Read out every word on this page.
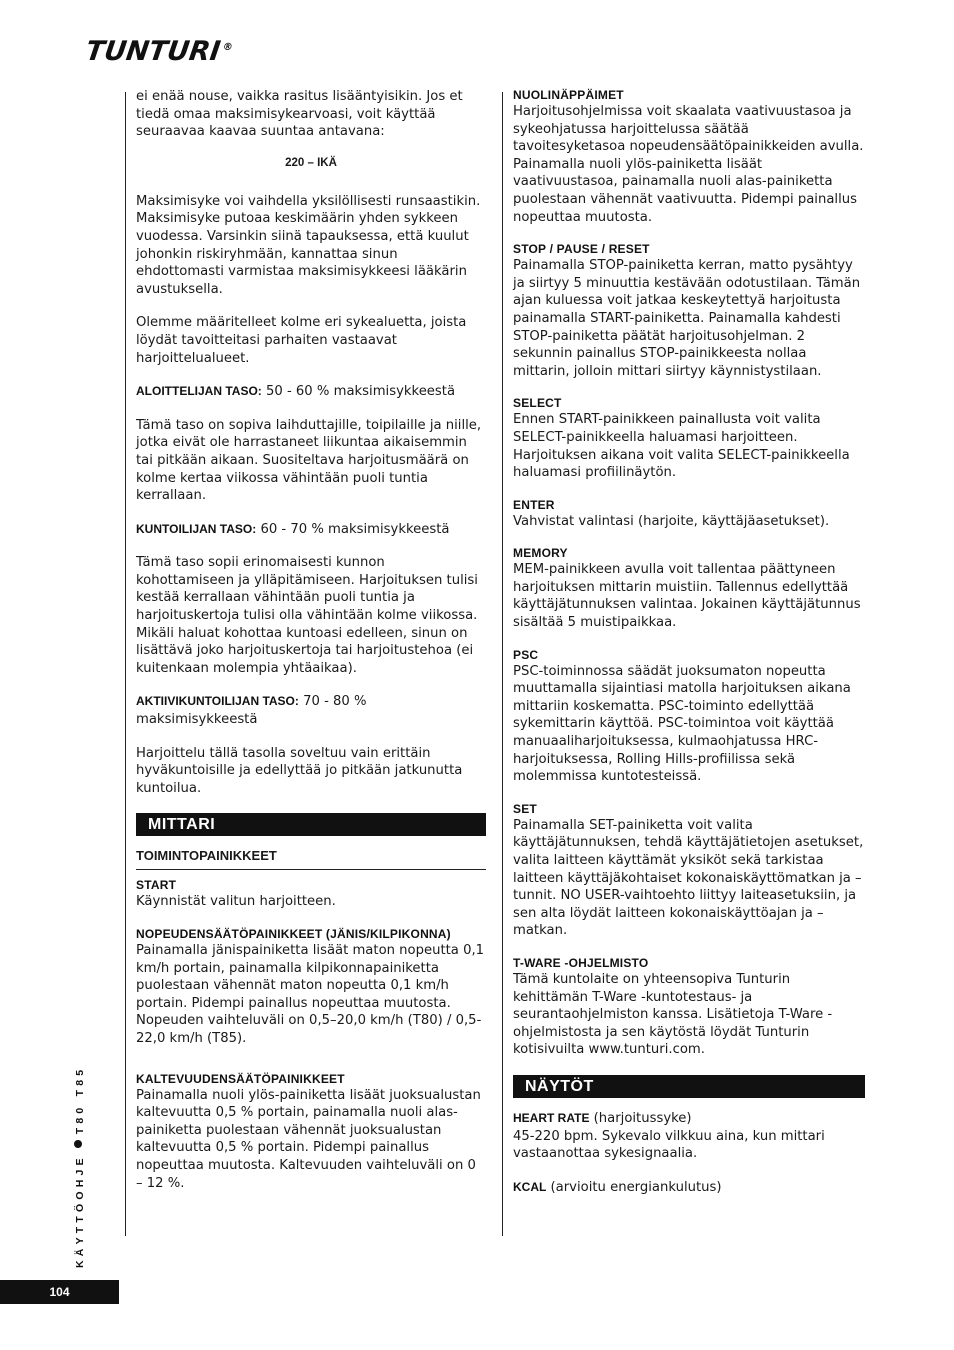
TUNTURI®

ei enää nouse, vaikka rasitus lisääntyisikin. Jos et tiedä omaa maksimisykearvoasi, voit käyttää seuraavaa kaavaa suuntaa antavana:

220 – IKÄ

Maksimisyke voi vaihdella yksilöllisesti runsaastikin. Maksimisyke putoaa keskimäärin yhden sykkeen vuodessa. Varsinkin siinä tapauksessa, että kuulut johonkin riskiryhmään, kannattaa sinun ehdottomasti varmistaa maksimisykkeesi lääkärin avustuksella.

Olemme määritelleet kolme eri sykealuetta, joista löydät tavoitteitasi parhaiten vastaavat harjoittelualueet.

ALOITTELIJAN TASO: 50 - 60 % maksimisykkeestä

Tämä taso on sopiva laihduttajille, toipilaille ja niille, jotka eivät ole harrastaneet liikuntaa aikaisemmin tai pitkään aikaan. Suositeltava harjoitusmäärä on kolme kertaa viikossa vähintään puoli tuntia kerrallaan.

KUNTOILIJAN TASO: 60 - 70 % maksimisykkeestä

Tämä taso sopii erinomaisesti kunnon kohottamiseen ja ylläpitämiseen. Harjoituksen tulisi kestää kerrallaan vähintään puoli tuntia ja harjoituskertoja tulisi olla vähintään kolme viikossa. Mikäli haluat kohottaa kuntoasi edelleen, sinun on lisättävä joko harjoituskertoja tai harjoitustehoa (ei kuitenkaan molempia yhtäaikaa).

AKTIIVIKUNTOILIJAN TASO: 70 - 80 % maksimisykkeestä

Harjoittelu tällä tasolla soveltuu vain erittäin hyväkuntoisille ja edellyttää jo pitkään jatkunutta kuntoilua.

MITTARI
TOIMINTOPAINIKKEET
START

Käynnistät valitun harjoitteen.

NOPEUDENSÄÄTÖPAINIKKEET (JÄNIS/KILPIKONNA)

Painamalla jänispainiketta lisäät maton nopeutta 0,1 km/h portain, painamalla kilpikonnapainiketta puolestaan vähennät maton nopeutta 0,1 km/h portain. Pidempi painallus nopeuttaa muutosta. Nopeuden vaihteluväli on 0,5–20,0 km/h (T80) / 0,5-22,0 km/h (T85).

KALTEVUUDENSÄÄTÖPAINIKKEET

Painamalla nuoli ylös-painiketta lisäät juoksualustan kaltevuutta 0,5 % portain, painamalla nuoli alas-painiketta puolestaan vähennät juoksualustan kaltevuutta 0,5 % portain. Pidempi painallus nopeuttaa muutosta. Kaltevuuden vaihteluväli on 0 – 12 %.

NUOLINÄPPÄIMET

Harjoitusohjelmissa voit skaalata vaativuustasoa ja sykeohjatussa harjoittelussa säätää tavoitesyketasoa nopeudensäätöpainikkeiden avulla. Painamalla nuoli ylös-painiketta lisäät vaativuustasoa, painamalla nuoli alas-painiketta puolestaan vähennät vaativuutta. Pidempi painallus nopeuttaa muutosta.

STOP / PAUSE / RESET

Painamalla STOP-painiketta kerran, matto pysähtyy ja siirtyy 5 minuuttia kestävään odotustilaan. Tämän ajan kuluessa voit jatkaa keskeytettyä harjoitusta painamalla START-painiketta. Painamalla kahdesti STOP-painiketta päätät harjoitusohjelman. 2 sekunnin painallus STOP-painikkeesta nollaa mittarin, jolloin mittari siirtyy käynnistystilaan.

SELECT

Ennen START-painikkeen painallusta voit valita SELECT-painikkeella haluamasi harjoitteen. Harjoituksen aikana voit valita SELECT-painikkeella haluamasi profiilinäytön.

ENTER

Vahvistat valintasi (harjoite, käyttäjäasetukset).

MEMORY

MEM-painikkeen avulla voit tallentaa päättyneen harjoituksen mittarin muistiin. Tallennus edellyttää käyttäjätunnuksen valintaa. Jokainen käyttäjätunnus sisältää 5 muistipaikkaa.

PSC

PSC-toiminnossa säädät juoksumaton nopeutta muuttamalla sijaintiasi matolla harjoituksen aikana mittariin koskematta. PSC-toiminto edellyttää sykemittarin käyttöä. PSC-toimintoa voit käyttää manuaaliharjoituksessa, kulmaohjatussa HRC-harjoituksessa, Rolling Hills-profiilissa sekä molemmissa kuntotesteissä.

SET

Painamalla SET-painiketta voit valita käyttäjätunnuksen, tehdä käyttäjätietojen asetukset, valita laitteen käyttämät yksiköt sekä tarkistaa laitteen käyttäjäkohtaiset kokonaiskäyttömatkan ja –tunnit. NO USER-vaihtoehto liittyy laiteasetuksiin, ja sen alta löydät laitteen kokonaiskäyttöajan ja –matkan.

T-WARE -OHJELMISTO

Tämä kuntolaite on yhteensopiva Tunturin kehittämän T-Ware -kuntotestaus- ja seurantaohjelmiston kanssa. Lisätietoja T-Ware -ohjelmistosta ja sen käytöstä löydät Tunturin kotisivuilta www.tunturi.com.

NÄYTÖT

HEART RATE (harjoitussyke)

45-220 bpm. Sykevalo vilkkuu aina, kun mittari vastaanottaa sykesignaalia.

KCAL (arvioitu energiankulutus)

KÄYTTÖOHJET80 T85
104
